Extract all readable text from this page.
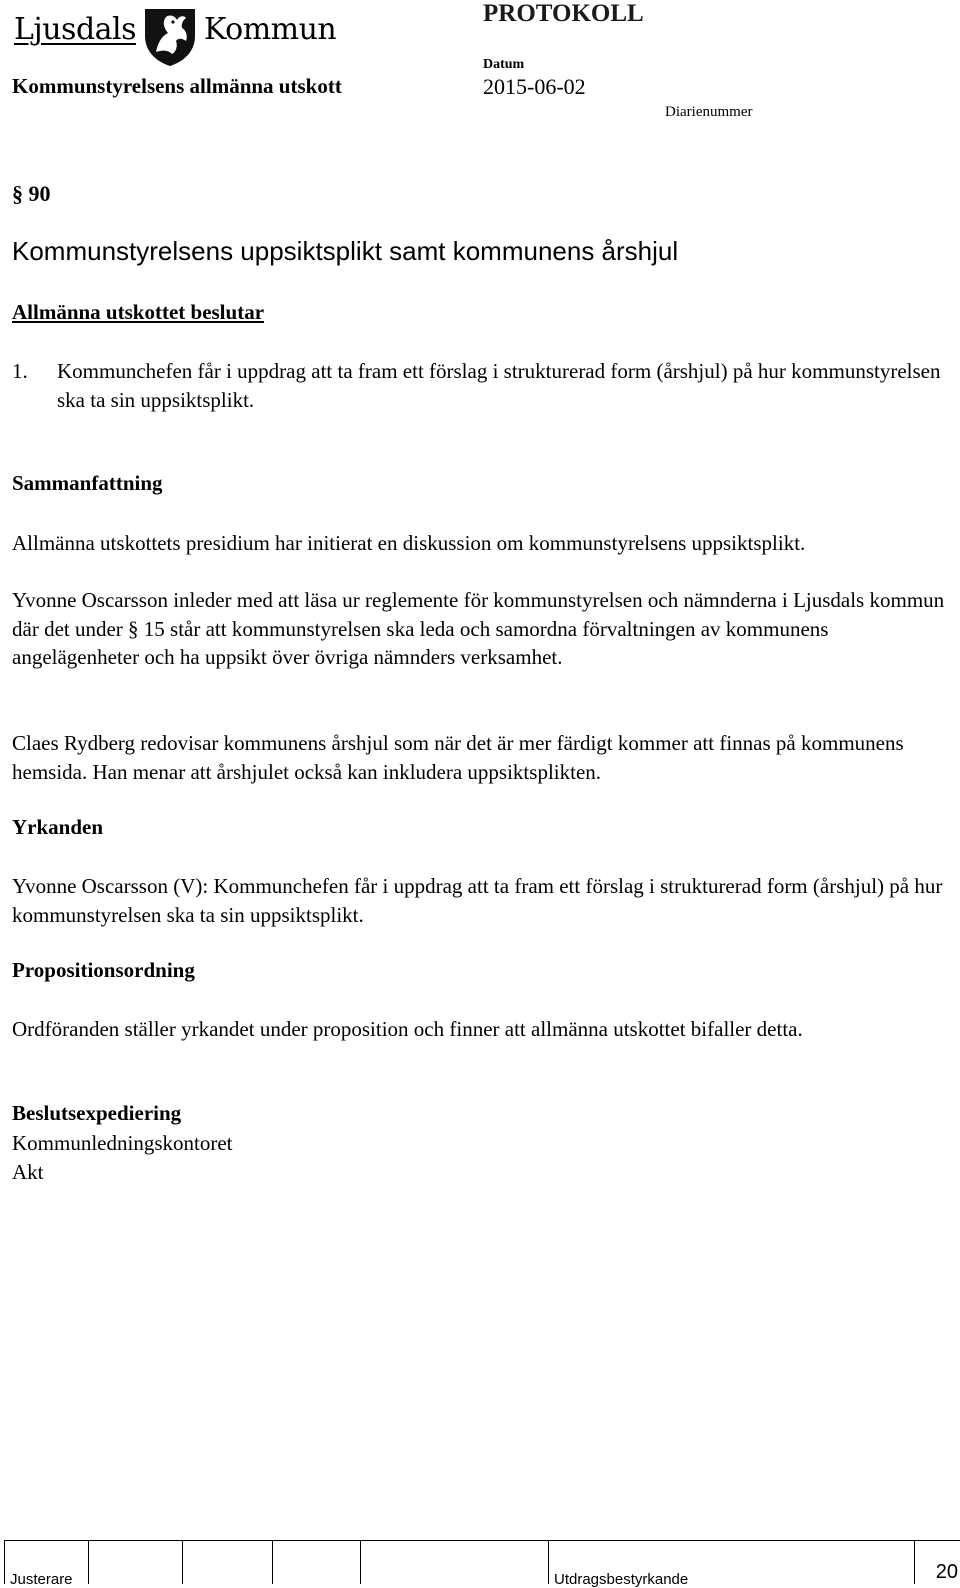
Ljusdals Kommun	PROTOKOLL
Datum
Kommunstyrelsens allmänna utskott	2015-06-02
Diarienummer
§ 90
Kommunstyrelsens uppsiktsplikt samt kommunens årshjul
Allmänna utskottet beslutar
1.	Kommunchefen får i uppdrag att ta fram ett förslag i strukturerad form (årshjul) på hur kommunstyrelsen ska ta sin uppsiktsplikt.
Sammanfattning
Allmänna utskottets presidium har initierat en diskussion om kommunstyrelsens uppsiktsplikt.
Yvonne Oscarsson inleder med att läsa ur reglemente för kommunstyrelsen och nämnderna i Ljusdals kommun där det under § 15 står att kommunstyrelsen ska leda och samordna förvaltningen av kommunens angelägenheter och ha uppsikt över övriga nämnders verksamhet.
Claes Rydberg redovisar kommunens årshjul som när det är mer färdigt kommer att finnas på kommunens hemsida. Han menar att årshjulet också kan inkludera uppsiktsplikten.
Yrkanden
Yvonne Oscarsson (V): Kommunchefen får i uppdrag att ta fram ett förslag i strukturerad form (årshjul) på hur kommunstyrelsen ska ta sin uppsiktsplikt.
Propositionsordning
Ordföranden ställer yrkandet under proposition och finner att allmänna utskottet bifaller detta.
Beslutsexpediering
Kommunledningskontoret
Akt
Justerare	Utdragsbestyrkande	20
